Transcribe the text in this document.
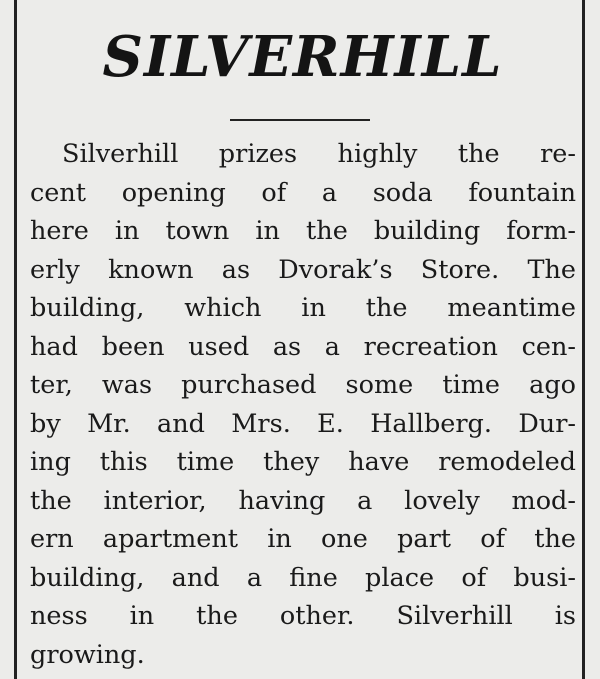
SILVERHILL
Silverhill prizes highly the re-
cent opening of a soda fountain
here in town in the building form-
erly known as Dvorak’s Store. The
building, which in the meantime
had been used as a recreation cen-
ter, was purchased some time ago
by Mr. and Mrs. E. Hallberg. Dur-
ing this time they have remodeled
the interior, having a lovely mod-
ern apartment in one part of the
building, and a fine place of busi-
ness in the other. Silverhill is
growing.
